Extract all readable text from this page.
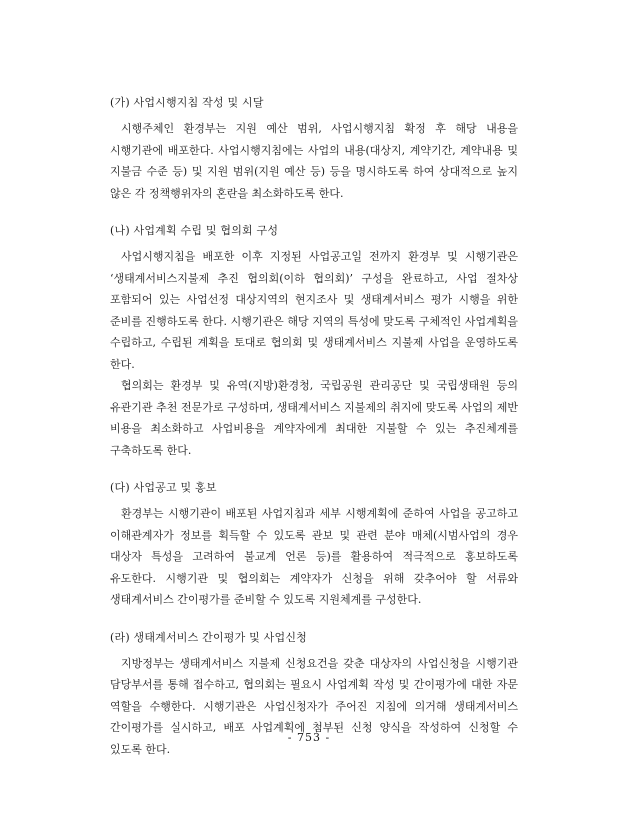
(가) 사업시행지침 작성 및 시달

시행주체인 환경부는 지원 예산 범위, 사업시행지침 확정 후 해당 내용을 시행기관에 배포한다. 사업시행지침에는 사업의 내용(대상지, 계약기간, 계약내용 및 지불금 수준 등) 및 지원 범위(지원 예산 등) 등을 명시하도록 하여 상대적으로 높지 않은 각 정책행위자의 혼란을 최소화하도록 한다.

(나) 사업계획 수립 및 협의회 구성

사업시행지침을 배포한 이후 지정된 사업공고일 전까지 환경부 및 시행기관은 ‘생태계서비스지불제 추진 협의회(이하 협의회)’ 구성을 완료하고, 사업 절차상 포함되어 있는 사업선정 대상지역의 현지조사 및 생태계서비스 평가 시행을 위한 준비를 진행하도록 한다. 시행기관은 해당 지역의 특성에 맞도록 구체적인 사업계획을 수립하고, 수립된 계획을 토대로 협의회 및 생태계서비스 지불제 사업을 운영하도록 한다.

협의회는 환경부 및 유역(지방)환경청, 국립공원 관리공단 및 국립생태원 등의 유관기관 추천 전문가로 구성하며, 생태계서비스 지불제의 취지에 맞도록 사업의 제반 비용을 최소화하고 사업비용을 계약자에게 최대한 지불할 수 있는 추진체계를 구축하도록 한다.

(다) 사업공고 및 홍보

환경부는 시행기관이 배포된 사업지침과 세부 시행계획에 준하여 사업을 공고하고 이해관계자가 정보를 획득할 수 있도록 관보 및 관련 분야 매체(시범사업의 경우 대상자 특성을 고려하여 불교계 언론 등)를 활용하여 적극적으로 홍보하도록 유도한다. 시행기관 및 협의회는 계약자가 신청을 위해 갖추어야 할 서류와 생태계서비스 간이평가를 준비할 수 있도록 지원체계를 구성한다.

(라) 생태계서비스 간이평가 및 사업신청

지방정부는 생태계서비스 지불제 신청요건을 갖춘 대상자의 사업신청을 시행기관 담당부서를 통해 접수하고, 협의회는 필요시 사업계획 작성 및 간이평가에 대한 자문 역할을 수행한다. 시행기관은 사업신청자가 주어진 지침에 의거해 생태계서비스 간이평가를 실시하고, 배포 사업계획에 첨부된 신청 양식을 작성하여 신청할 수 있도록 한다.

- 753 -
